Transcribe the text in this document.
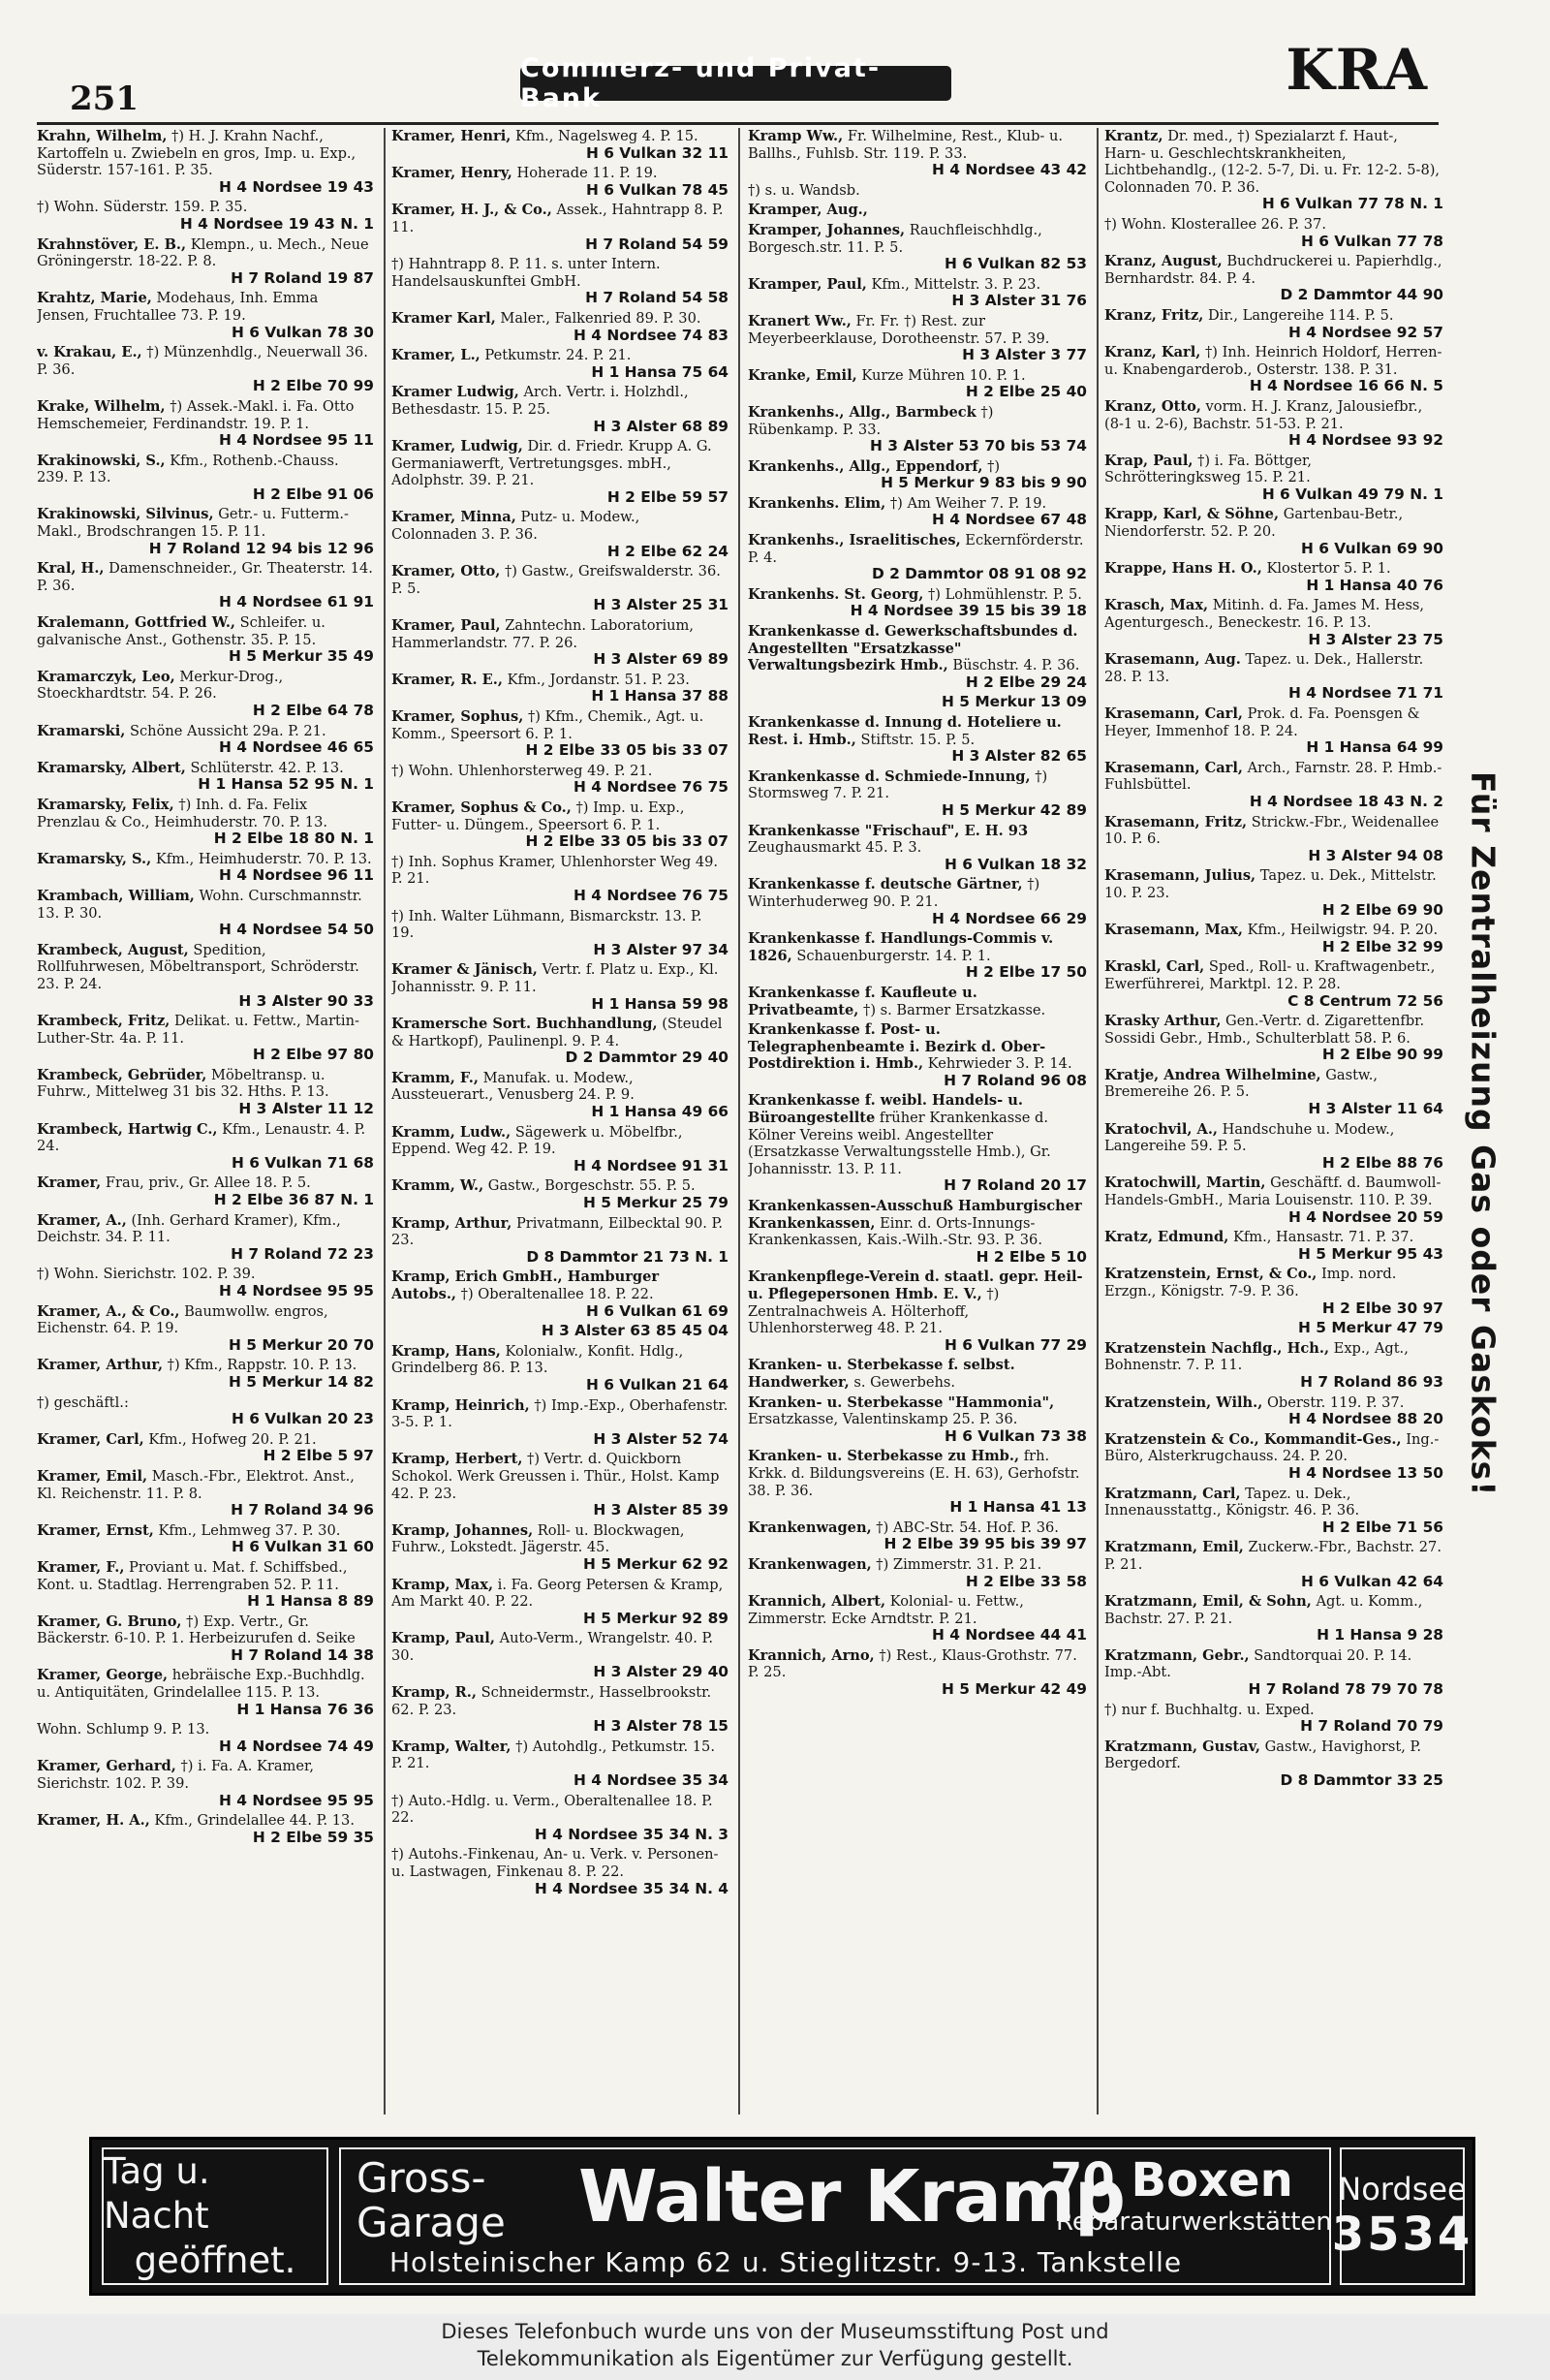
251
Commerz- und Privat-Bank	KRA
Krahn, Wilhelm, †) H. J. Krahn Nachf., Kartoffeln u. Zwiebeln en gros, Imp. u. Exp., Süderstr. 157-161. P. 35.
H 4 Nordsee 19 43
†) Wohn. Süderstr. 159. P. 35.
H 4 Nordsee 19 43 N. 1
Krahnstöver, E. B., Klempn., u. Mech., Neue Gröningerstr. 18-22. P. 8.
H 7 Roland 19 87
Krahtz, Marie, Modehaus, Inh. Emma Jensen, Fruchtallee 73. P. 19.
H 6 Vulkan 78 30
v. Krakau, E., †) Münzenhdlg., Neuerwall 36. P. 36.
H 2 Elbe 70 99
Krake, Wilhelm, †) Assek.-Makl. i. Fa. Otto Hemschemeier, Ferdinandstr. 19. P. 1.
H 4 Nordsee 95 11
Krakinowski, S., Kfm., Rothenb.-Chauss. 239. P. 13.
H 2 Elbe 91 06
Krakinowski, Silvinus, Getr.- u. Futterm.-Makl., Brodschrangen 15. P. 11.
H 7 Roland 12 94 bis 12 96
Kral, H., Damenschneider., Gr. Theaterstr. 14. P. 36.
H 4 Nordsee 61 91
Kralemann, Gottfried W., Schleifer. u. galvanische Anst., Gothenstr. 35. P. 15.
H 5 Merkur 35 49
Kramarczyk, Leo, Merkur-Drog., Stoeckhardtstr. 54. P. 26.
H 2 Elbe 64 78
Kramarski, Schöne Aussicht 29a. P. 21.
H 4 Nordsee 46 65
Kramarsky, Albert, Schlüterstr. 42. P. 13.
H 1 Hansa 52 95 N. 1
Kramarsky, Felix, †) Inh. d. Fa. Felix Prenzlau & Co., Heimhuderstr. 70. P. 13.
H 2 Elbe 18 80 N. 1
Kramarsky, S., Kfm., Heimhuderstr. 70. P. 13.
H 4 Nordsee 96 11
Krambach, William, Wohn. Curschmannstr. 13. P. 30.
H 4 Nordsee 54 50
Krambeck, August, Spedition, Rollfuhrwesen, Möbeltransport, Schröderstr. 23. P. 24.
H 3 Alster 90 33
Krambeck, Fritz, Delikat. u. Fettw., Martin-Luther-Str. 4a. P. 11.
H 2 Elbe 97 80
Krambeck, Gebrüder, Möbeltransp. u. Fuhrw., Mittelweg 31 bis 32. Hths. P. 13.
H 3 Alster 11 12
Krambeck, Hartwig C., Kfm., Lenaustr. 4. P. 24.
H 6 Vulkan 71 68
Kramer, Frau, priv., Gr. Allee 18. P. 5.
H 2 Elbe 36 87 N. 1
Kramer, A., (Inh. Gerhard Kramer), Kfm., Deichstr. 34. P. 11.
H 7 Roland 72 23
†) Wohn. Sierichstr. 102. P. 39.
H 4 Nordsee 95 95
Kramer, A., & Co., Baumwollw. engros, Eichenstr. 64. P. 19.
H 5 Merkur 20 70
Kramer, Arthur, †) Kfm., Rappstr. 10. P. 13.
H 5 Merkur 14 82
†) geschäftl.:
H 6 Vulkan 20 23
Kramer, Carl, Kfm., Hofweg 20. P. 21.
H 2 Elbe 5 97
Kramer, Emil, Masch.-Fbr., Elektrot. Anst., Kl. Reichenstr. 11. P. 8.
H 7 Roland 34 96
Kramer, Ernst, Kfm., Lehmweg 37. P. 30.
H 6 Vulkan 31 60
Kramer, F., Proviant u. Mat. f. Schiffsbed., Kont. u. Stadtlag. Herrengraben 52. P. 11.
H 1 Hansa 8 89
Kramer, G. Bruno, †) Exp. Vertr., Gr. Bäckerstr. 6-10. P. 1. Herbeizurufen d. Seike
H 7 Roland 14 38
Kramer, George, hebräische Exp.-Buchhdlg. u. Antiquitäten, Grindelallee 115. P. 13.
H 1 Hansa 76 36
Wohn. Schlump 9. P. 13.
H 4 Nordsee 74 49
Kramer, Gerhard, †) i. Fa. A. Kramer, Sierichstr. 102. P. 39.
H 4 Nordsee 95 95
Kramer, H. A., Kfm., Grindelallee 44. P. 13.
H 2 Elbe 59 35
Kramer, Henri, Kfm., Nagelsweg 4. P. 15.
H 6 Vulkan 32 11
Kramer, Henry, Hoherade 11. P. 19.
H 6 Vulkan 78 45
Kramer, H. J., & Co., Assek., Hahntrapp 8. P. 11.
H 7 Roland 54 59
†) Hahntrapp 8. P. 11. s. unter Intern. Handelsauskunftei GmbH.
H 7 Roland 54 58
Kramer Karl, Maler., Falkenried 89. P. 30.
H 4 Nordsee 74 83
Kramer, L., Petkumstr. 24. P. 21.
H 1 Hansa 75 64
Kramer Ludwig, Arch. Vertr. i. Holzhdl., Bethesdastr. 15. P. 25.
H 3 Alster 68 89
Kramer, Ludwig, Dir. d. Friedr. Krupp A. G. Germaniawerft, Vertretungsges. mbH., Adolphstr. 39. P. 21.
H 2 Elbe 59 57
Kramer, Minna, Putz- u. Modew., Colonnaden 3. P. 36.
H 2 Elbe 62 24
Kramer, Otto, †) Gastw., Greifswalderstr. 36. P. 5.
H 3 Alster 25 31
Kramer, Paul, Zahntechn. Laboratorium, Hammerlandstr. 77. P. 26.
H 3 Alster 69 89
Kramer, R. E., Kfm., Jordanstr. 51. P. 23.
H 1 Hansa 37 88
Kramer, Sophus, †) Kfm., Chemik., Agt. u. Komm., Speersort 6. P. 1.
H 2 Elbe 33 05 bis 33 07
†) Wohn. Uhlenhorsterweg 49. P. 21.
H 4 Nordsee 76 75
Kramer, Sophus & Co., †) Imp. u. Exp., Futter- u. Düngem., Speersort 6. P. 1.
H 2 Elbe 33 05 bis 33 07
†) Inh. Sophus Kramer, Uhlenhorster Weg 49. P. 21.
H 4 Nordsee 76 75
†) Inh. Walter Lühmann, Bismarckstr. 13. P. 19.
H 3 Alster 97 34
Kramer & Jänisch, Vertr. f. Platz u. Exp., Kl. Johannisstr. 9. P. 11.
H 1 Hansa 59 98
Kramersche Sort. Buchhandlung, (Steudel & Hartkopf), Paulinenpl. 9. P. 4.
D 2 Dammtor 29 40
Kramm, F., Manufak. u. Modew., Aussteuerart., Venusberg 24. P. 9.
H 1 Hansa 49 66
Kramm, Ludw., Sägewerk u. Möbelfbr., Eppend. Weg 42. P. 19.
H 4 Nordsee 91 31
Kramm, W., Gastw., Borgeschstr. 55. P. 5.
H 5 Merkur 25 79
Kramp, Arthur, Privatmann, Eilbecktal 90. P. 23.
D 8 Dammtor 21 73 N. 1
Kramp, Erich GmbH., Hamburger Autobs., †) Oberaltenallee 18. P. 22.
H 6 Vulkan 61 69
H 3 Alster 63 85 45 04
Kramp, Hans, Kolonialw., Konfit. Hdlg., Grindelberg 86. P. 13.
H 6 Vulkan 21 64
Kramp, Heinrich, †) Imp.-Exp., Oberhafenstr. 3-5. P. 1.
H 3 Alster 52 74
Kramp, Herbert, †) Vertr. d. Quickborn Schokol. Werk Greussen i. Thür., Holst. Kamp 42. P. 23.
H 3 Alster 85 39
Kramp, Johannes, Roll- u. Blockwagen, Fuhrw., Lokstedt. Jägerstr. 45.
H 5 Merkur 62 92
Kramp, Max, i. Fa. Georg Petersen & Kramp, Am Markt 40. P. 22.
H 5 Merkur 92 89
Kramp, Paul, Auto-Verm., Wrangelstr. 40. P. 30.
H 3 Alster 29 40
Kramp, R., Schneidermstr., Hasselbrookstr. 62. P. 23.
H 3 Alster 78 15
Kramp, Walter, †) Autohdlg., Petkumstr. 15. P. 21.
H 4 Nordsee 35 34
†) Auto.-Hdlg. u. Verm., Oberaltenallee 18. P. 22.
H 4 Nordsee 35 34 N. 3
†) Autohs.-Finkenau, An- u. Verk. v. Personen- u. Lastwagen, Finkenau 8. P. 22.
H 4 Nordsee 35 34 N. 4
Kramp Ww., Fr. Wilhelmine, Rest., Klub- u. Ballhs., Fuhlsb. Str. 119. P. 33.
H 4 Nordsee 43 42
†) s. u. Wandsb.
Kramper, Aug.,
Kramper, Johannes, Rauchfleischhdlg., Borgesch.str. 11. P. 5.
H 6 Vulkan 82 53
Kramper, Paul, Kfm., Mittelstr. 3. P. 23.
H 3 Alster 31 76
Kranert Ww., Fr. Fr. †) Rest. zur Meyerbeerklause, Dorotheenstr. 57. P. 39.
H 3 Alster 3 77
Kranke, Emil, Kurze Mühren 10. P. 1.
H 2 Elbe 25 40
Krankenhs., Allg., Barmbeck †) Rübenkamp. P. 33.
H 3 Alster 53 70 bis 53 74
Krankenhs., Allg., Eppendorf, †)
H 5 Merkur 9 83 bis 9 90
Krankenhs. Elim, †) Am Weiher 7. P. 19.
H 4 Nordsee 67 48
Krankenhs., Israelitisches, Eckernförderstr. P. 4.
D 2 Dammtor 08 91 08 92
Krankenhs. St. Georg, †) Lohmühlenstr. P. 5.
H 4 Nordsee 39 15 bis 39 18
Krankenkasse d. Gewerkschaftsbundes d. Angestellten "Ersatzkasse" Verwaltungsbezirk Hmb., Büschstr. 4. P. 36.
H 2 Elbe 29 24
H 5 Merkur 13 09
Krankenkasse d. Innung d. Hoteliere u. Rest. i. Hmb., Stiftstr. 15. P. 5.
H 3 Alster 82 65
Krankenkasse d. Schmiede-Innung, †) Stormsweg 7. P. 21.
H 5 Merkur 42 89
Krankenkasse "Frischauf", E. H. 93 Zeughausmarkt 45. P. 3.
H 6 Vulkan 18 32
Krankenkasse f. deutsche Gärtner, †) Winterhuderweg 90. P. 21.
H 4 Nordsee 66 29
Krankenkasse f. Handlungs-Commis v. 1826, Schauenburgerstr. 14. P. 1.
H 2 Elbe 17 50
Krankenkasse f. Kaufleute u. Privatbeamte, †) s. Barmer Ersatzkasse.
Krankenkasse f. Post- u. Telegraphenbeamte i. Bezirk d. Ober-Postdirektion i. Hmb., Kehrwieder 3. P. 14.
H 7 Roland 96 08
Krankenkasse f. weibl. Handels- u. Büroangestellte früher Krankenkasse d. Kölner Vereins weibl. Angestellter (Ersatzkasse Verwaltungsstelle Hmb.), Gr. Johannisstr. 13. P. 11.
H 7 Roland 20 17
Krankenkassen-Ausschuß Hamburgischer Krankenkassen, Einr. d. Orts-Innungs-Krankenkassen, Kais.-Wilh.-Str. 93. P. 36.
H 2 Elbe 5 10
Krankenpflege-Verein d. staatl. gepr. Heil- u. Pflegepersonen Hmb. E. V., †) Zentralnachweis A. Hölterhoff, Uhlenhorsterweg 48. P. 21.
H 6 Vulkan 77 29
Kranken- u. Sterbekasse f. selbst. Handwerker, s. Gewerbehs.
Kranken- u. Sterbekasse "Hammonia", Ersatzkasse, Valentinskamp 25. P. 36.
H 6 Vulkan 73 38
Kranken- u. Sterbekasse zu Hmb., frh. Krkk. d. Bildungsvereins (E. H. 63), Gerhofstr. 38. P. 36.
H 1 Hansa 41 13
Krankenwagen, †) ABC-Str. 54. Hof. P. 36.
H 2 Elbe 39 95 bis 39 97
Krankenwagen, †) Zimmerstr. 31. P. 21.
H 2 Elbe 33 58
Krannich, Albert, Kolonial- u. Fettw., Zimmerstr. Ecke Arndtstr. P. 21.
H 4 Nordsee 44 41
Krannich, Arno, †) Rest., Klaus-Grothstr. 77. P. 25.
H 5 Merkur 42 49
Krantz, Dr. med., †) Spezialarzt f. Haut-, Harn- u. Geschlechtskrankheiten, Lichtbehandlg., (12-2. 5-7, Di. u. Fr. 12-2. 5-8), Colonnaden 70. P. 36.
H 6 Vulkan 77 78 N. 1
†) Wohn. Klosterallee 26. P. 37.
H 6 Vulkan 77 78
Kranz, August, Buchdruckerei u. Papierhdlg., Bernhardstr. 84. P. 4.
D 2 Dammtor 44 90
Kranz, Fritz, Dir., Langereihe 114. P. 5.
H 4 Nordsee 92 57
Kranz, Karl, †) Inh. Heinrich Holdorf, Herren- u. Knabengarderob., Osterstr. 138. P. 31.
H 4 Nordsee 16 66 N. 5
Kranz, Otto, vorm. H. J. Kranz, Jalousiefbr., (8-1 u. 2-6), Bachstr. 51-53. P. 21.
H 4 Nordsee 93 92
Krap, Paul, †) i. Fa. Böttger, Schrötteringksweg 15. P. 21.
H 6 Vulkan 49 79 N. 1
Krapp, Karl, & Söhne, Gartenbau-Betr., Niendorferstr. 52. P. 20.
H 6 Vulkan 69 90
Krappe, Hans H. O., Klostertor 5. P. 1.
H 1 Hansa 40 76
Krasch, Max, Mitinh. d. Fa. James M. Hess, Agenturgesch., Beneckestr. 16. P. 13.
H 3 Alster 23 75
Krasemann, Aug. Tapez. u. Dek., Hallerstr. 28. P. 13.
H 4 Nordsee 71 71
Krasemann, Carl, Prok. d. Fa. Poensgen & Heyer, Immenhof 18. P. 24.
H 1 Hansa 64 99
Krasemann, Carl, Arch., Farnstr. 28. P. Hmb.-Fuhlsbüttel.
H 4 Nordsee 18 43 N. 2
Krasemann, Fritz, Strickw.-Fbr., Weidenallee 10. P. 6.
H 3 Alster 94 08
Krasemann, Julius, Tapez. u. Dek., Mittelstr. 10. P. 23.
H 2 Elbe 69 90
Krasemann, Max, Kfm., Heilwigstr. 94. P. 20.
H 2 Elbe 32 99
Kraskl, Carl, Sped., Roll- u. Kraftwagenbetr., Ewerführerei, Marktpl. 12. P. 28.
C 8 Centrum 72 56
Krasky Arthur, Gen.-Vertr. d. Zigarettenfbr. Sossidi Gebr., Hmb., Schulterblatt 58. P. 6.
H 2 Elbe 90 99
Kratje, Andrea Wilhelmine, Gastw., Bremereihe 26. P. 5.
H 3 Alster 11 64
Kratochvil, A., Handschuhe u. Modew., Langereihe 59. P. 5.
H 2 Elbe 88 76
Kratochwill, Martin, Geschäftf. d. Baumwoll-Handels-GmbH., Maria Louisenstr. 110. P. 39.
H 4 Nordsee 20 59
Kratz, Edmund, Kfm., Hansastr. 71. P. 37.
H 5 Merkur 95 43
Kratzenstein, Ernst, & Co., Imp. nord. Erzgn., Königstr. 7-9. P. 36.
H 2 Elbe 30 97
H 5 Merkur 47 79
Kratzenstein Nachflg., Hch., Exp., Agt., Bohnenstr. 7. P. 11.
H 7 Roland 86 93
Kratzenstein, Wilh., Oberstr. 119. P. 37.
H 4 Nordsee 88 20
Kratzenstein & Co., Kommandit-Ges., Ing.-Büro, Alsterkrugchauss. 24. P. 20.
H 4 Nordsee 13 50
Kratzmann, Carl, Tapez. u. Dek., Innenausstattg., Königstr. 46. P. 36.
H 2 Elbe 71 56
Kratzmann, Emil, Zuckerw.-Fbr., Bachstr. 27. P. 21.
H 6 Vulkan 42 64
Kratzmann, Emil, & Sohn, Agt. u. Komm., Bachstr. 27. P. 21.
H 1 Hansa 9 28
Kratzmann, Gebr., Sandtorquai 20. P. 14. Imp.-Abt.
H 7 Roland 78 79 70 78
†) nur f. Buchhaltg. u. Exped.
H 7 Roland 70 79
Kratzmann, Gustav, Gastw., Havighorst, P. Bergedorf.
D 8 Dammtor 33 25
Für Zentralheizung Gas oder Gaskoks!
Tag u. Nacht
geöffnet.
Gross-
Garage Walter Kramp
70 Boxen
Reparaturwerkstätten
Holsteinischer Kamp 62 u. Stieglitzstr. 9-13. Tankstelle
Nordsee
3534
Dieses Telefonbuch wurde uns von der Museumsstiftung Post und
Telekommunikation als Eigentümer zur Verfügung gestellt.
